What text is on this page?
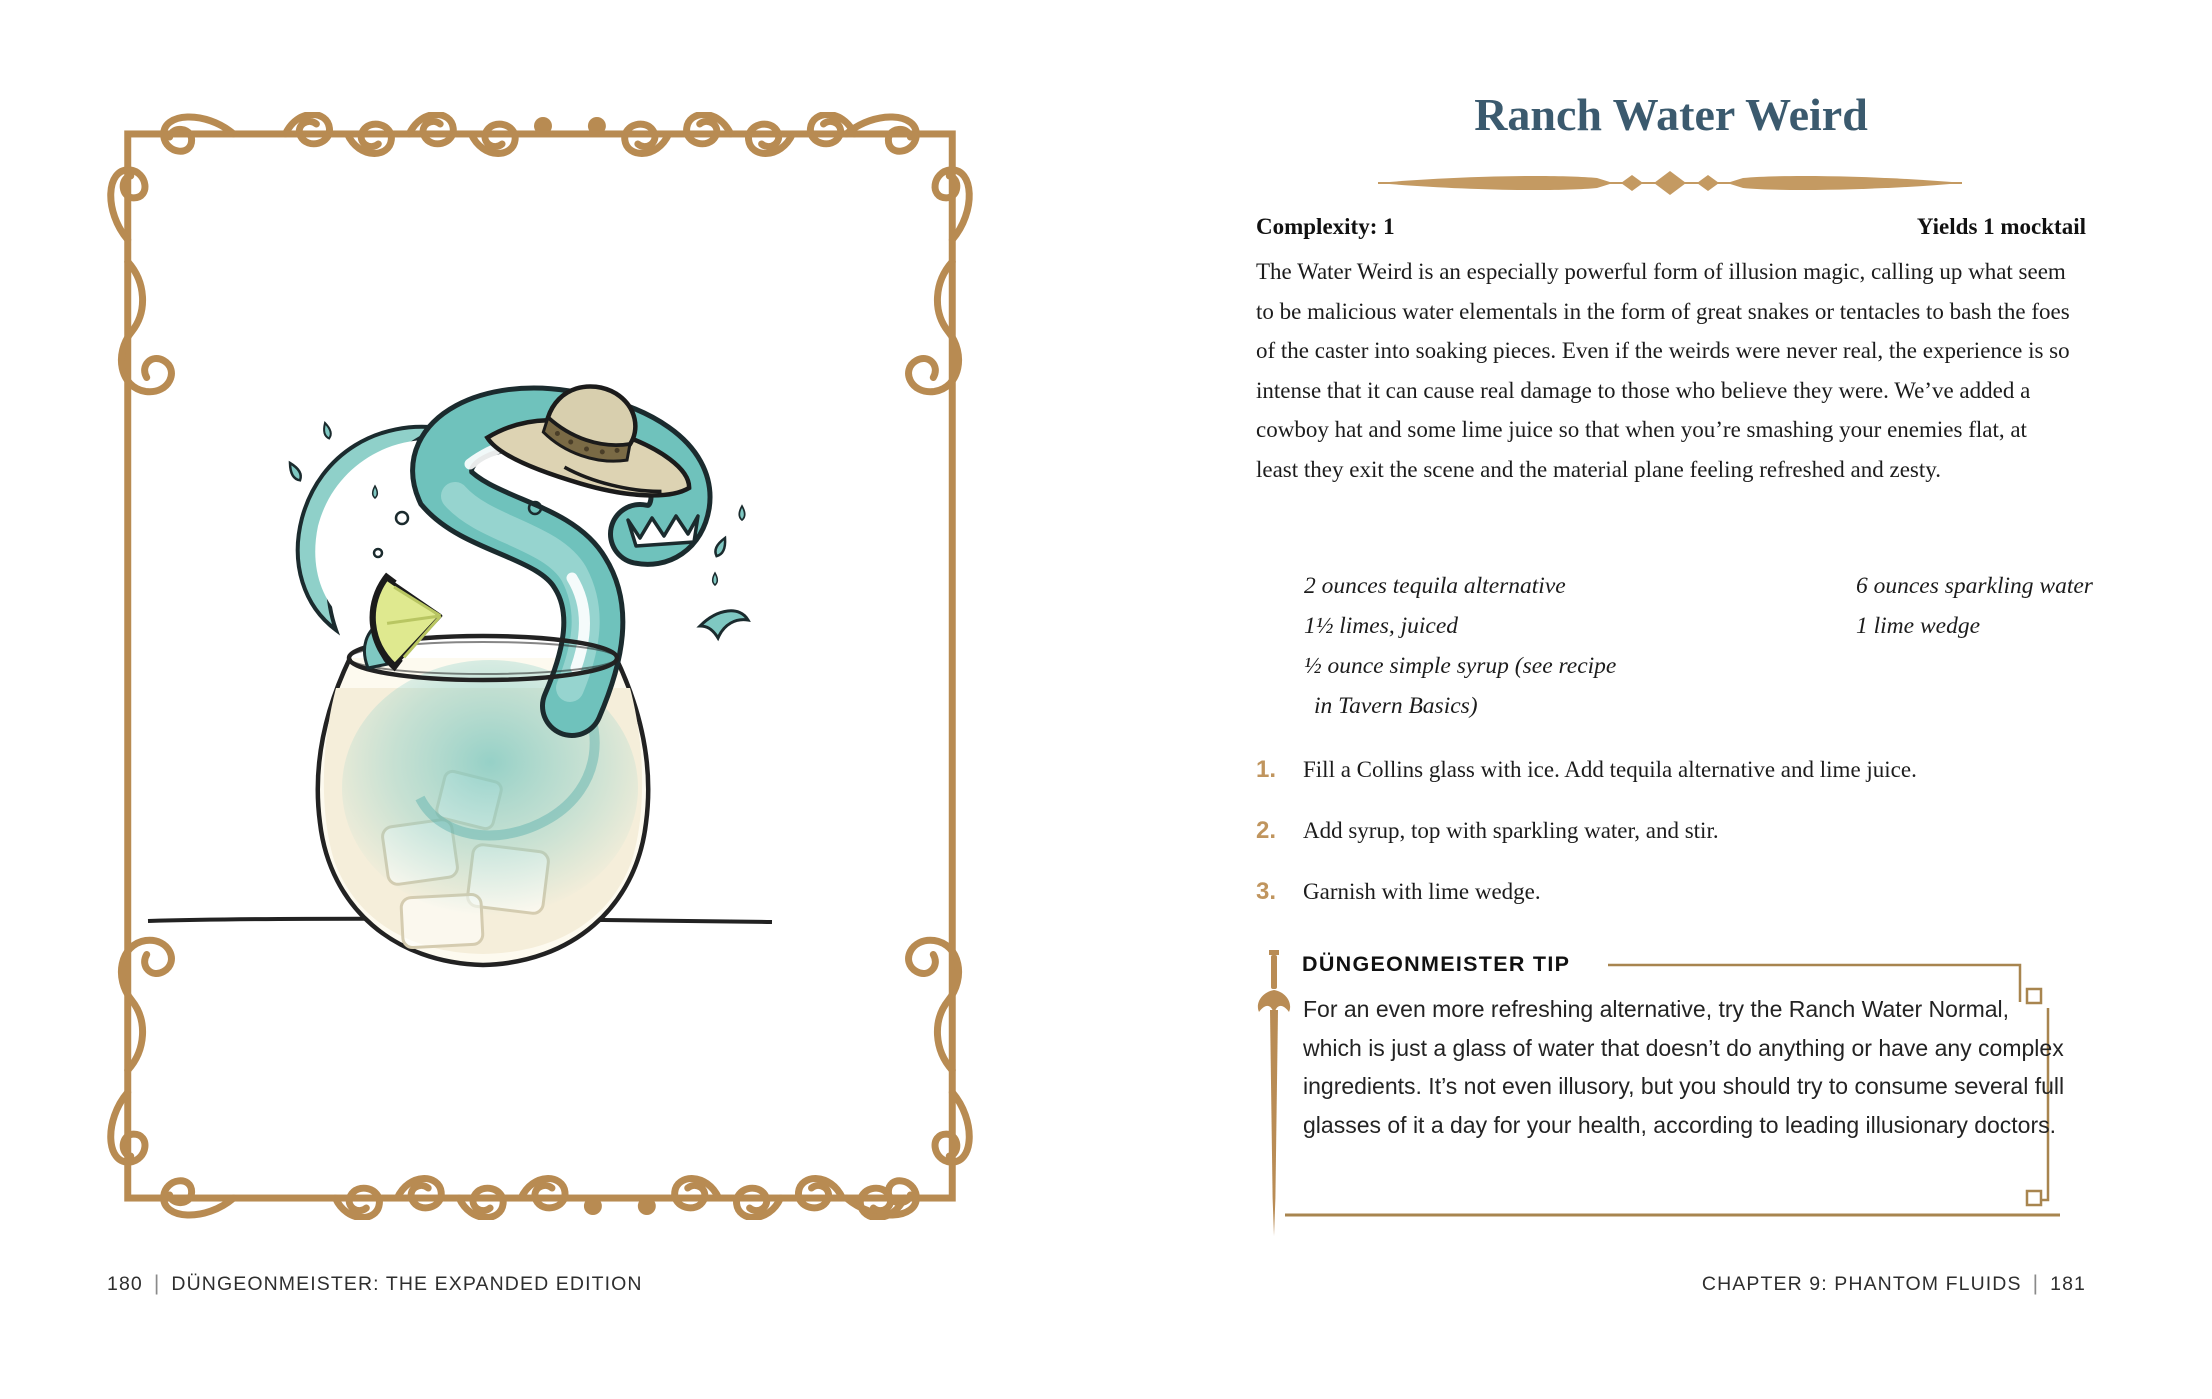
180 | DÜNGEONMEISTER: THE EXPANDED EDITION
Ranch Water Weird
Complexity: 1	Yields 1 mocktail

The Water Weird is an especially powerful form of illusion magic, calling up what seem to be malicious water elementals in the form of great snakes or tentacles to bash the foes of the caster into soaking pieces. Even if the weirds were never real, the experience is so intense that it can cause real damage to those who believe they were. We’ve added a cowboy hat and some lime juice so that when you’re smashing your enemies flat, at least they exit the scene and the material plane feeling refreshed and zesty.

2 ounces tequila alternative
1½ limes, juiced
½ ounce simple syrup (see recipe in Tavern Basics)
6 ounces sparkling water
1 lime wedge
1.	Fill a Collins glass with ice. Add tequila alternative and lime juice.
2.	Add syrup, top with sparkling water, and stir.
3.	Garnish with lime wedge.
DÜNGEONMEISTER TIP

For an even more refreshing alternative, try the Ranch Water Normal, which is just a glass of water that doesn’t do anything or have any complex ingredients. It’s not even illusory, but you should try to consume several full glasses of it a day for your health, according to leading illusionary doctors.

CHAPTER 9: PHANTOM FLUIDS | 181
